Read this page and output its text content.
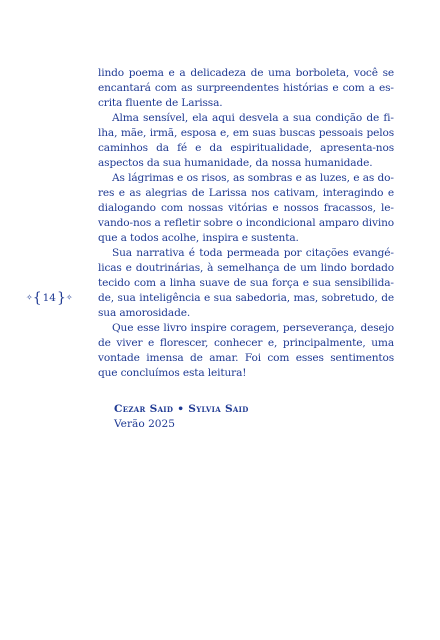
lindo poema e a delicadeza de uma borboleta, você se encantará com as surpreendentes histórias e com a escrita fluente de Larissa.

Alma sensível, ela aqui desvela a sua condição de filha, mãe, irmã, esposa e, em suas buscas pessoais pelos caminhos da fé e da espiritualidade, apresenta-nos aspectos da sua humanidade, da nossa humanidade.

As lágrimas e os risos, as sombras e as luzes, e as dores e as alegrias de Larissa nos cativam, interagindo e dialogando com nossas vitórias e nossos fracassos, levando-nos a refletir sobre o incondicional amparo divino que a todos acolhe, inspira e sustenta.

Sua narrativa é toda permeada por citações evangélicas e doutrinárias, à semelhança de um lindo bordado tecido com a linha suave de sua força e sua sensibilidade, sua inteligência e sua sabedoria, mas, sobretudo, de sua amorosidade.

Que esse livro inspire coragem, perseverança, desejo de viver e florescer, conhecer e, principalmente, uma vontade imensa de amar. Foi com esses sentimentos que concluímos esta leitura!

Cezar Said • Sylvia Said
Verão 2025
✧ { 14 } ✧
